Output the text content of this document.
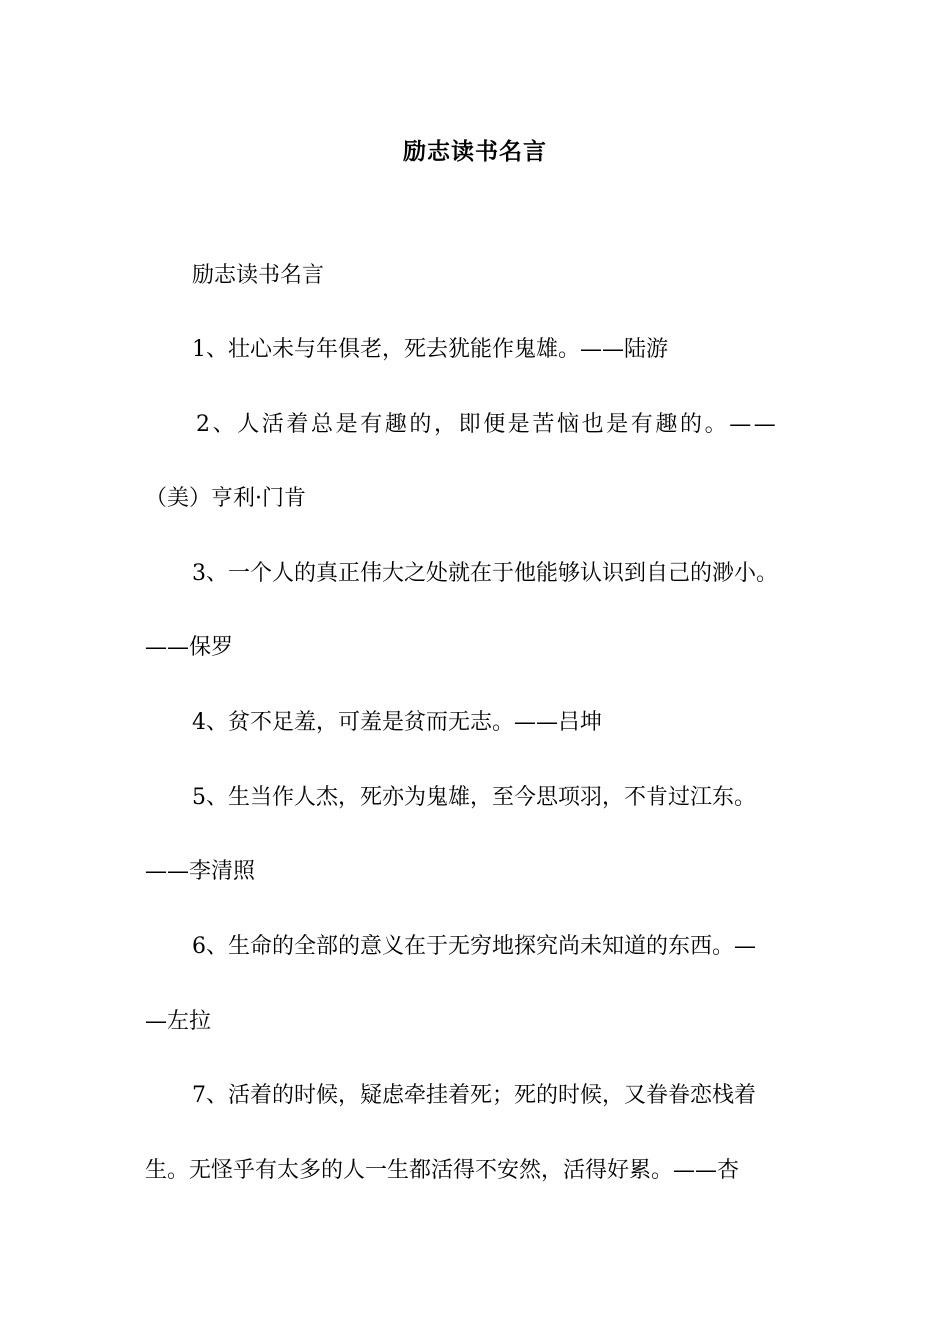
励志读书名言
励志读书名言
1、壮心未与年俱老，死去犹能作鬼雄。——陆游
2、人活着总是有趣的，即便是苦恼也是有趣的。——
（美）亨利·门肯
3、一个人的真正伟大之处就在于他能够认识到自己的渺小。
——保罗
4、贫不足羞，可羞是贫而无志。——吕坤
5、生当作人杰，死亦为鬼雄，至今思项羽，不肯过江东。
——李清照
6、生命的全部的意义在于无穷地探究尚未知道的东西。—
—左拉
7、活着的时候，疑虑牵挂着死；死的时候，又眷眷恋栈着
生。无怪乎有太多的人一生都活得不安然，活得好累。——杏
